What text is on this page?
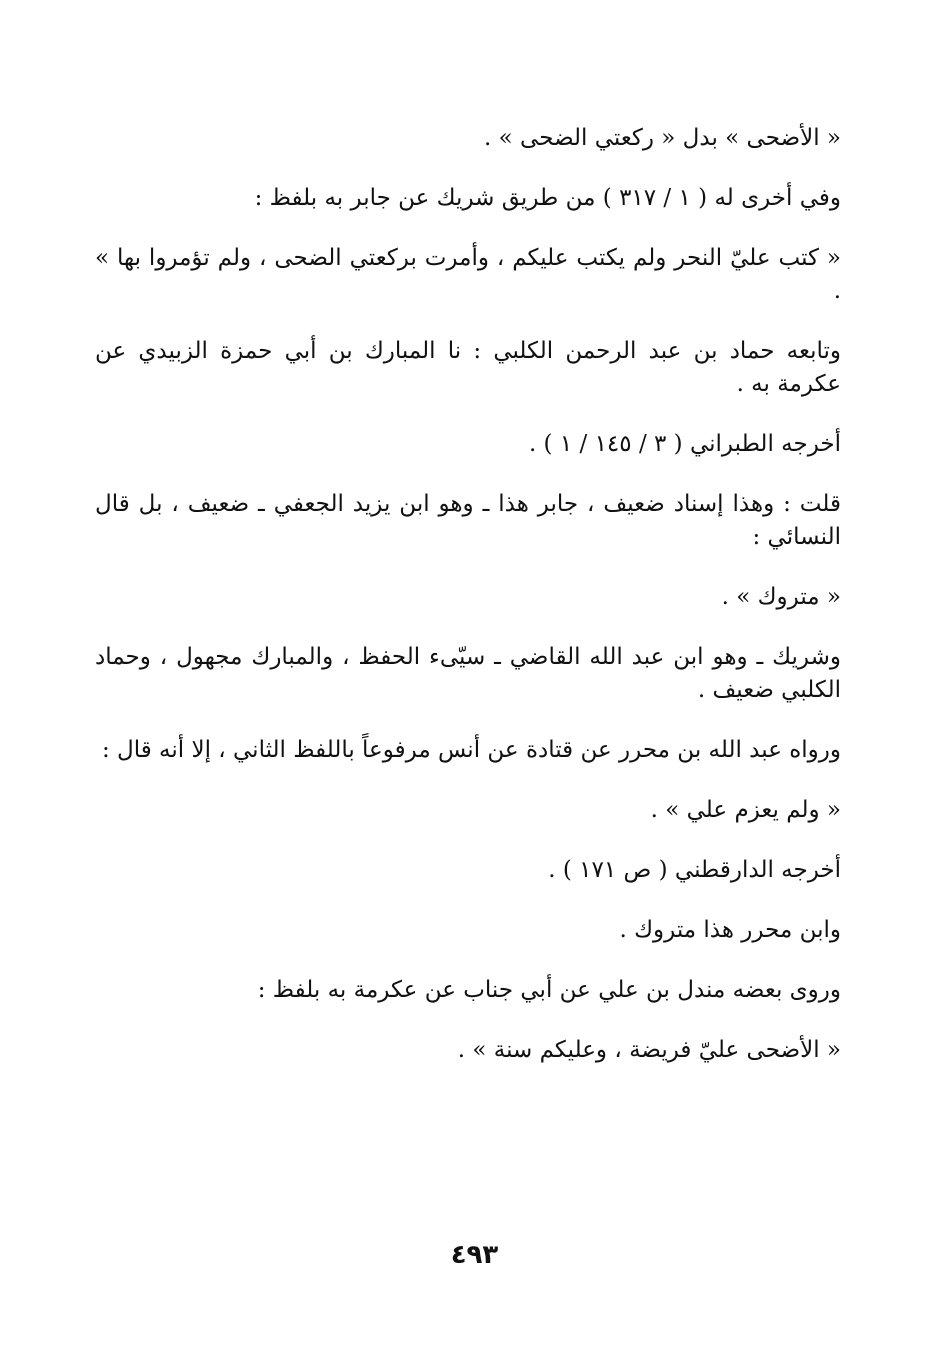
« الأضحى » بدل « ركعتي الضحى » .

وفي أخرى له ( ١ / ٣١٧ ) من طريق شريك عن جابر به بلفظ :

« كتب عليّ النحر ولم يكتب عليكم ، وأمرت بركعتي الضحى ، ولم تؤمروا بها » .

وتابعه حماد بن عبد الرحمن الكلبي : نا المبارك بن أبي حمزة الزبيدي عن عكرمة به .

أخرجه الطبراني ( ٣ / ١٤٥ / ١ ) .

قلت : وهذا إسناد ضعيف ، جابر هذا ـ وهو ابن يزيد الجعفي ـ ضعيف ، بل قال النسائي :

« متروك » .

وشريك ـ وهو ابن عبد الله القاضي ـ سيّىء الحفظ ، والمبارك مجهول ، وحماد الكلبي ضعيف .

ورواه عبد الله بن محرر عن قتادة عن أنس مرفوعاً باللفظ الثاني ، إلا أنه قال :

« ولم يعزم علي » .

أخرجه الدارقطني ( ص ١٧١ ) .

وابن محرر هذا متروك .

وروى بعضه مندل بن علي عن أبي جناب عن عكرمة به بلفظ :

« الأضحى عليّ فريضة ، وعليكم سنة » .

٤٩٣
